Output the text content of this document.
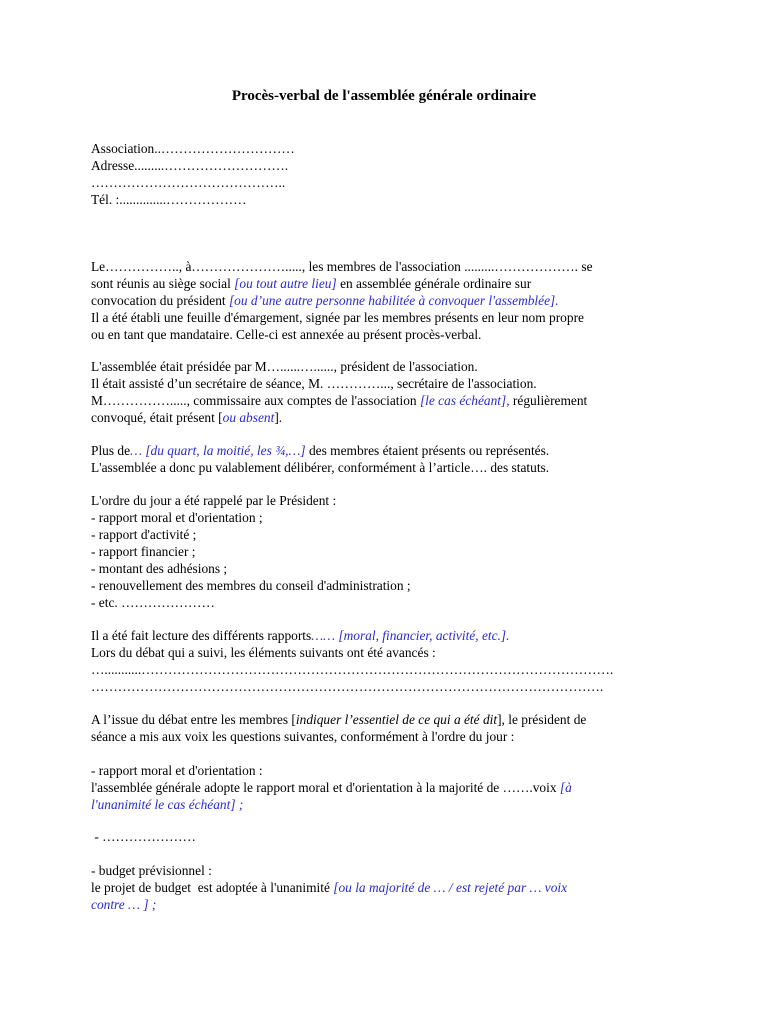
Procès-verbal de l'assemblée générale ordinaire
Association..…………………………
Adresse.........……………………….
……………………………………..
Tél. :..............………………
Le…………….., à…………………....., les membres de l'association .........………………. se
sont réunis au siège social [ou tout autre lieu] en assemblée générale ordinaire sur
convocation du président [ou d’une autre personne habilitée à convoquer l'assemblée].
Il a été établi une feuille d'émargement, signée par les membres présents en leur nom propre
ou en tant que mandataire. Celle-ci est annexée au présent procès-verbal.
L'assemblée était présidée par M…......…......, président de l'association.
Il était assisté d’un secrétaire de séance, M. …………..., secrétaire de l'association.
M……………....., commissaire aux comptes de l'association [le cas échéant], régulièrement
convoqué, était présent [ou absent].
Plus de… [du quart, la moitié, les ¾,…] des membres étaient présents ou représentés.
L'assemblée a donc pu valablement délibérer, conformément à l’article…. des statuts.
L'ordre du jour a été rappelé par le Président :
- rapport moral et d'orientation ;
- rapport d'activité ;
- rapport financier ;
- montant des adhésions ;
- renouvellement des membres du conseil d'administration ;
- etc. …………………
Il a été fait lecture des différents rapports…… [moral, financier, activité, etc.].
Lors du débat qui a suivi, les éléments suivants ont été avancés :
…...........…………………………………………………………………………………………….
…………………………………………………………………………………………………….
A l’issue du débat entre les membres [indiquer l’essentiel de ce qui a été dit], le président de
séance a mis aux voix les questions suivantes, conformément à l'ordre du jour :
- rapport moral et d'orientation :
l'assemblée générale adopte le rapport moral et d'orientation à la majorité de …….voix [à
l'unanimité le cas échéant] ;
- …………………
- budget prévisionnel :
le projet de budget  est adoptée à l'unanimité [ou la majorité de … / est rejeté par … voix
contre … ] ;
